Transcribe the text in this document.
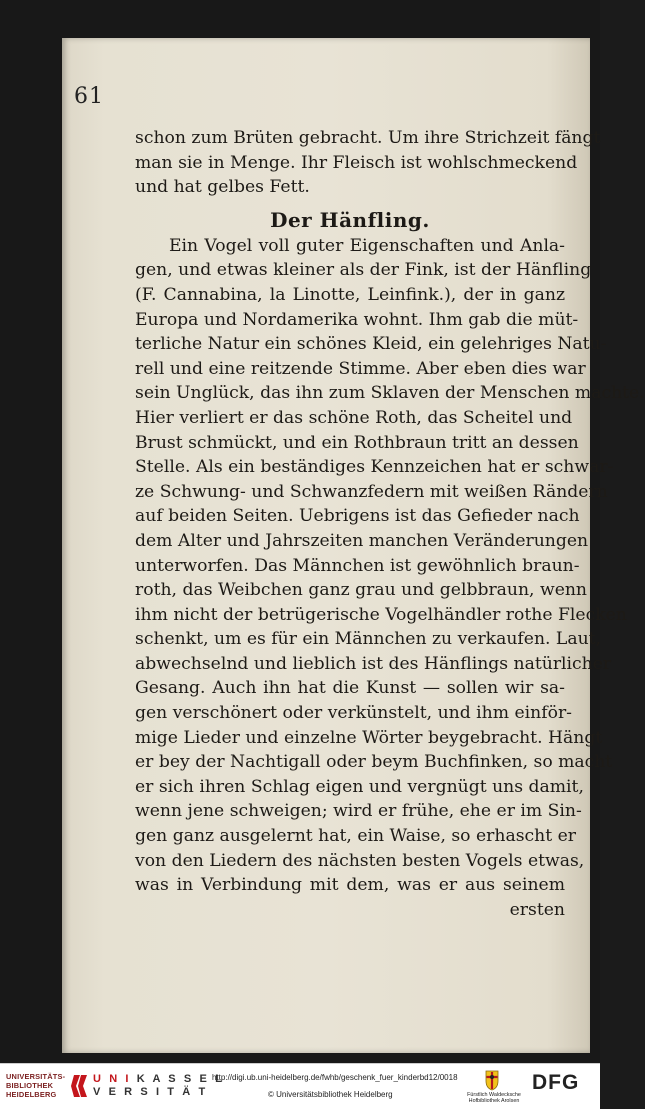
61
schon zum Brüten gebracht. Um ihre Strichzeit fängt
man sie in Menge. Ihr Fleisch ist wohlschmeckend
und hat gelbes Fett.
Der Hänfling.
Ein Vogel voll guter Eigenschaften und Anla-
gen, und etwas kleiner als der Fink, ist der Hänfling
(F. Cannabina, la Linotte, Leinfink.), der in ganz
Europa und Nordamerika wohnt. Ihm gab die müt-
terliche Natur ein schönes Kleid, ein gelehriges Natu-
rell und eine reitzende Stimme. Aber eben dies war
sein Unglück, das ihn zum Sklaven der Menschen machte.
Hier verliert er das schöne Roth, das Scheitel und
Brust schmückt, und ein Rothbraun tritt an dessen
Stelle. Als ein beständiges Kennzeichen hat er schwar-
ze Schwung- und Schwanzfedern mit weißen Rändern
auf beiden Seiten. Uebrigens ist das Gefieder nach
dem Alter und Jahrszeiten manchen Veränderungen
unterworfen. Das Männchen ist gewöhnlich braun-
roth, das Weibchen ganz grau und gelbbraun, wenn
ihm nicht der betrügerische Vogelhändler rothe Flecken
schenkt, um es für ein Männchen zu verkaufen. Laut,
abwechselnd und lieblich ist des Hänflings natürlicher
Gesang. Auch ihn hat die Kunst — sollen wir sa-
gen verschönert oder verkünstelt, und ihm einför-
mige Lieder und einzelne Wörter beygebracht. Hängt
er bey der Nachtigall oder beym Buchfinken, so macht
er sich ihren Schlag eigen und vergnügt uns damit,
wenn jene schweigen; wird er frühe, ehe er im Sin-
gen ganz ausgelernt hat, ein Waise, so erhascht er
von den Liedern des nächsten besten Vogels etwas,
was in Verbindung mit dem, was er aus seinem
ersten
UNIVERSITÄTS-
BIBLIOTHEK
HEIDELBERG
U N I K A S S E L
V E R S I T Ä T
http://digi.ub.uni-heidelberg.de/fwhb/geschenk_fuer_kinderbd12/0018
© Universitätsbibliothek Heidelberg	Fürstlich Waldecksche
Hofbibliothek Arolsen
DFG
